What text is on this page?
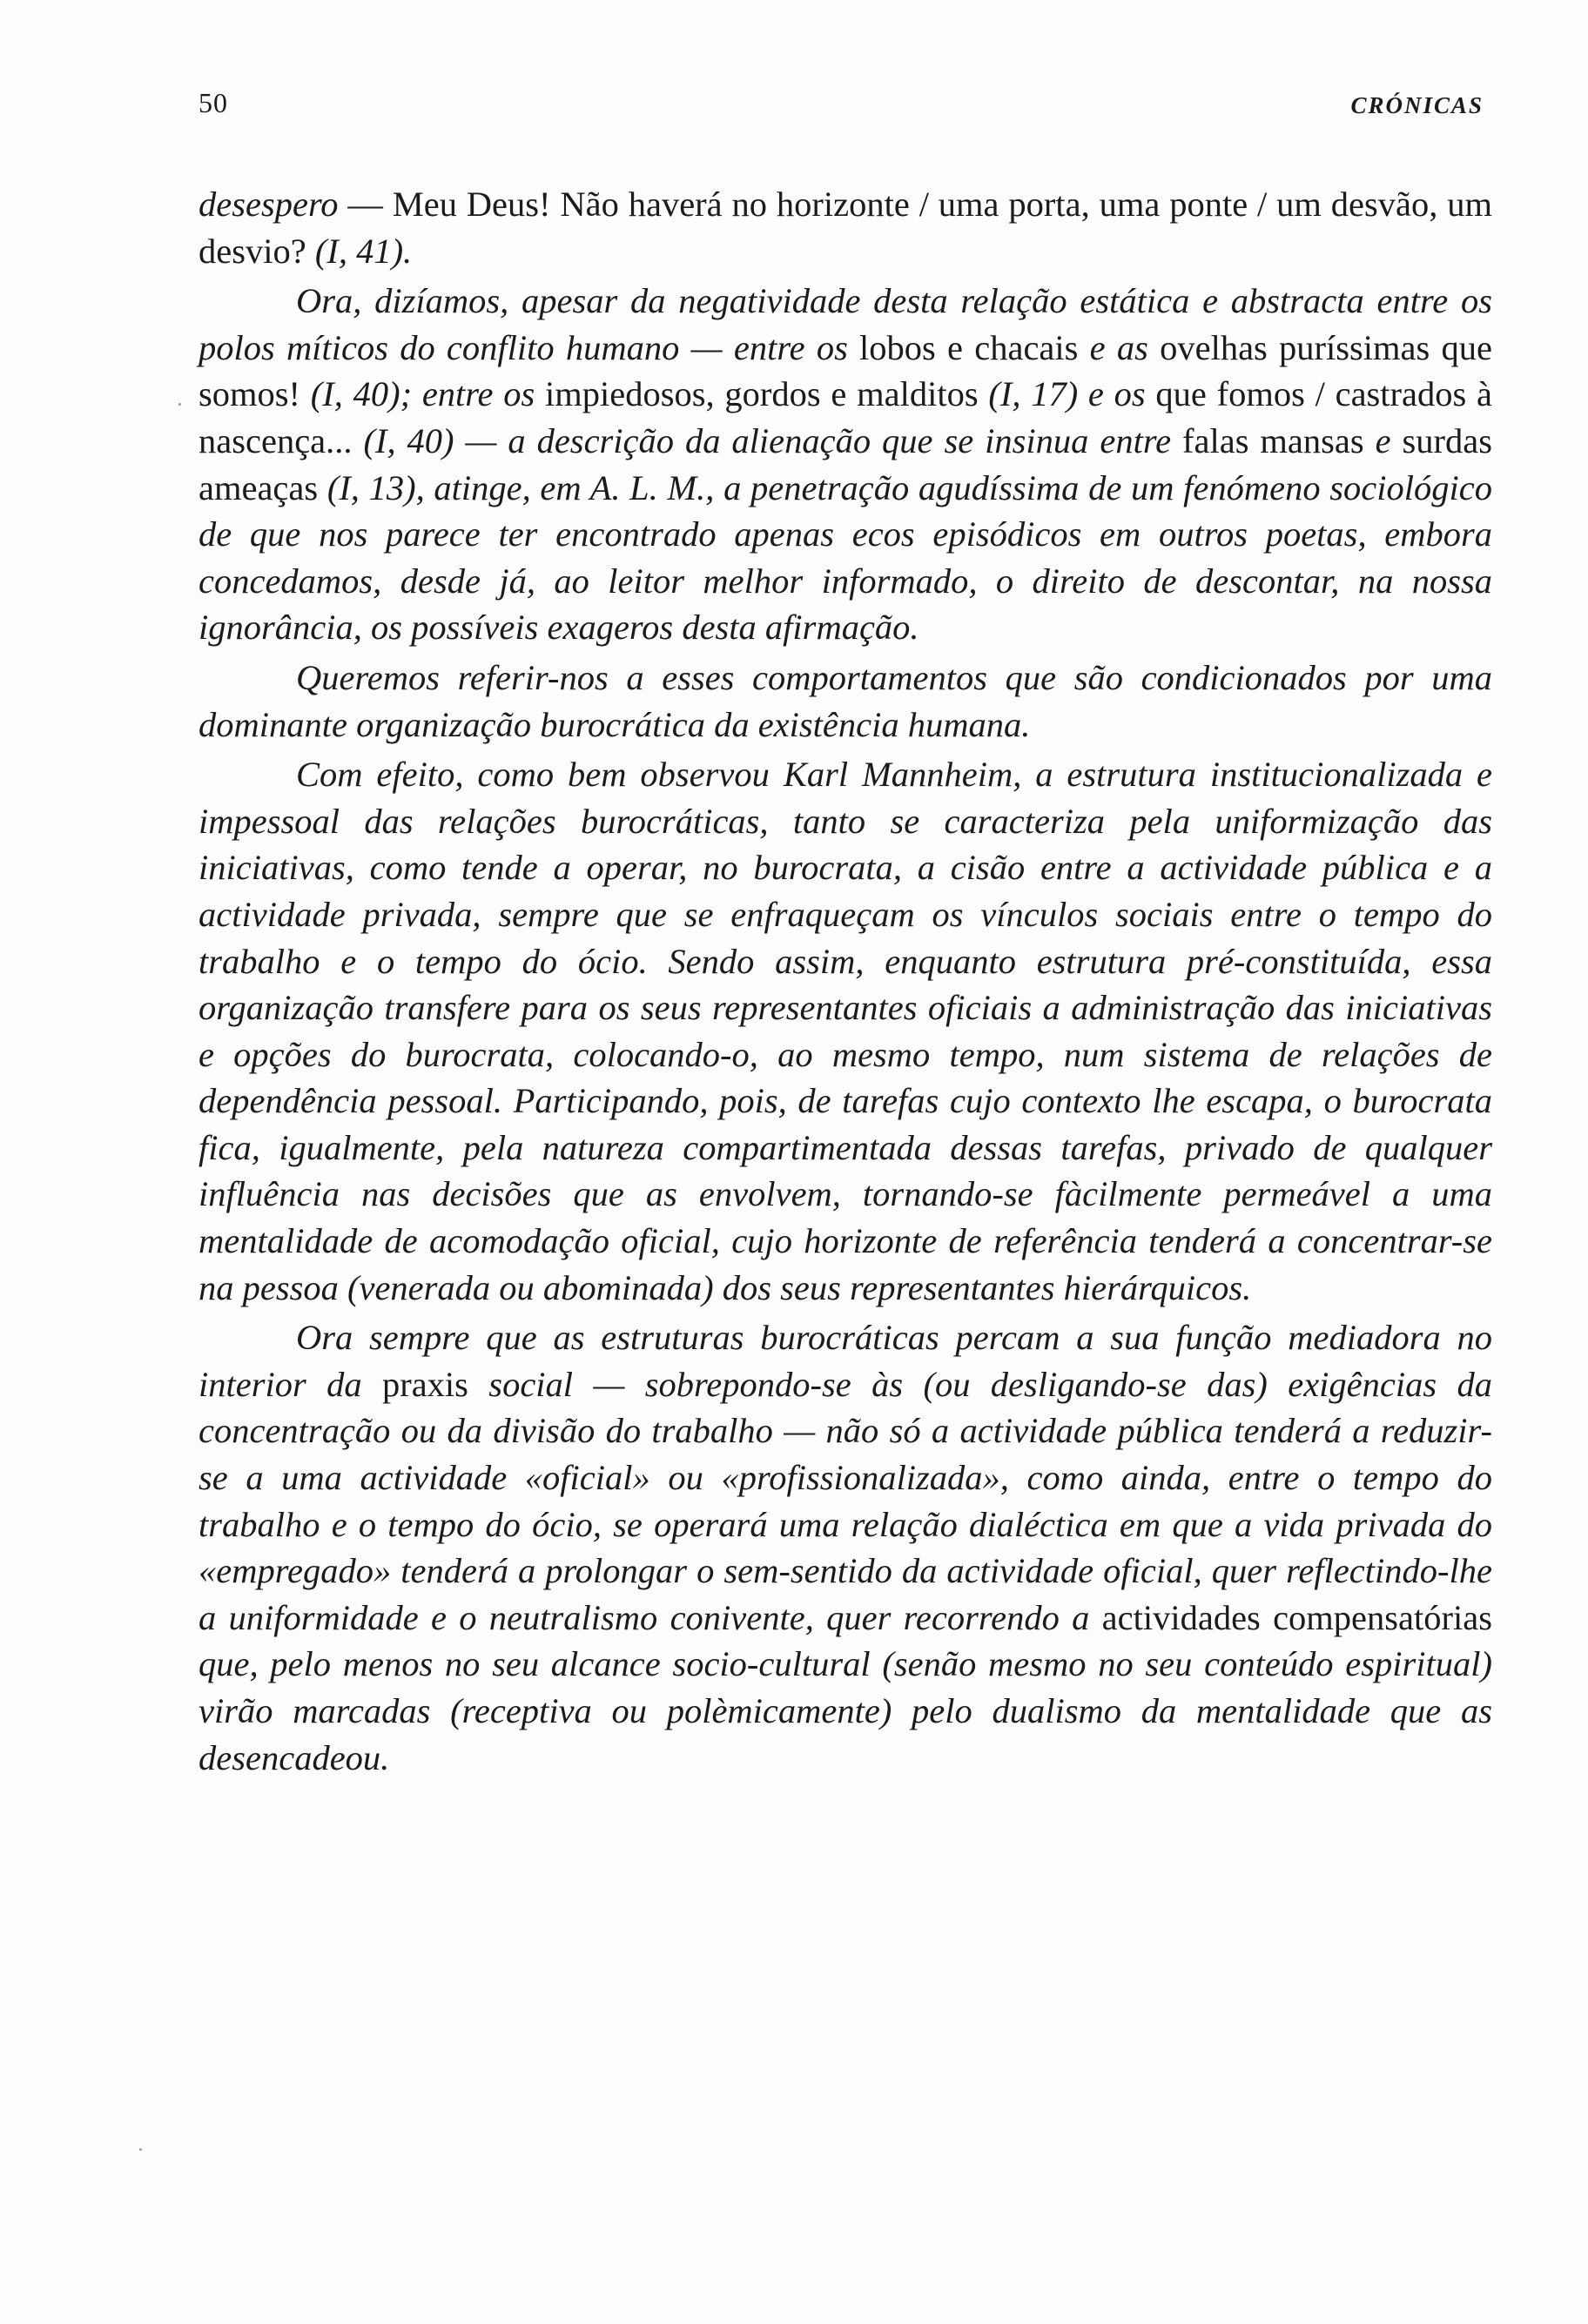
50	CRÓNICAS

desespero — Meu Deus! Não haverá no horizonte / uma porta, uma ponte / um desvão, um desvio? (I, 41).

Ora, dizíamos, apesar da negatividade desta relação estática e abstracta entre os polos míticos do conflito humano — entre os lobos e chacais e as ovelhas puríssimas que somos! (I, 40); entre os impiedosos, gordos e malditos (I, 17) e os que fomos / castrados à nascença... (I, 40) — a descrição da alienação que se insinua entre falas mansas e surdas ameaças (I, 13), atinge, em A. L. M., a penetração agudíssima de um fenómeno sociológico de que nos parece ter encontrado apenas ecos episódicos em outros poetas, embora concedamos, desde já, ao leitor melhor informado, o direito de descontar, na nossa ignorância, os possíveis exageros desta afirmação.

Queremos referir-nos a esses comportamentos que são condicionados por uma dominante organização burocrática da existência humana.

Com efeito, como bem observou Karl Mannheim, a estrutura institucionalizada e impessoal das relações burocráticas, tanto se caracteriza pela uniformização das iniciativas, como tende a operar, no burocrata, a cisão entre a actividade pública e a actividade privada, sempre que se enfraqueçam os vínculos sociais entre o tempo do trabalho e o tempo do ócio. Sendo assim, enquanto estrutura pré-constituída, essa organização transfere para os seus representantes oficiais a administração das iniciativas e opções do burocrata, colocando-o, ao mesmo tempo, num sistema de relações de dependência pessoal. Participando, pois, de tarefas cujo contexto lhe escapa, o burocrata fica, igualmente, pela natureza compartimentada dessas tarefas, privado de qualquer influência nas decisões que as envolvem, tornando-se fàcilmente permeável a uma mentalidade de acomodação oficial, cujo horizonte de referência tenderá a concentrar-se na pessoa (venerada ou abominada) dos seus representantes hierárquicos.

Ora sempre que as estruturas burocráticas percam a sua função mediadora no interior da praxis social — sobrepondo-se às (ou desligando-se das) exigências da concentração ou da divisão do trabalho — não só a actividade pública tenderá a reduzir-se a uma actividade «oficial» ou «profissionalizada», como ainda, entre o tempo do trabalho e o tempo do ócio, se operará uma relação dialéctica em que a vida privada do «empregado» tenderá a prolongar o sem-sentido da actividade oficial, quer reflectindo-lhe a uniformidade e o neutralismo conivente, quer recorrendo a actividades compensatórias que, pelo menos no seu alcance socio-cultural (senão mesmo no seu conteúdo espiritual) virão marcadas (receptiva ou polèmicamente) pelo dualismo da mentalidade que as desencadeou.
